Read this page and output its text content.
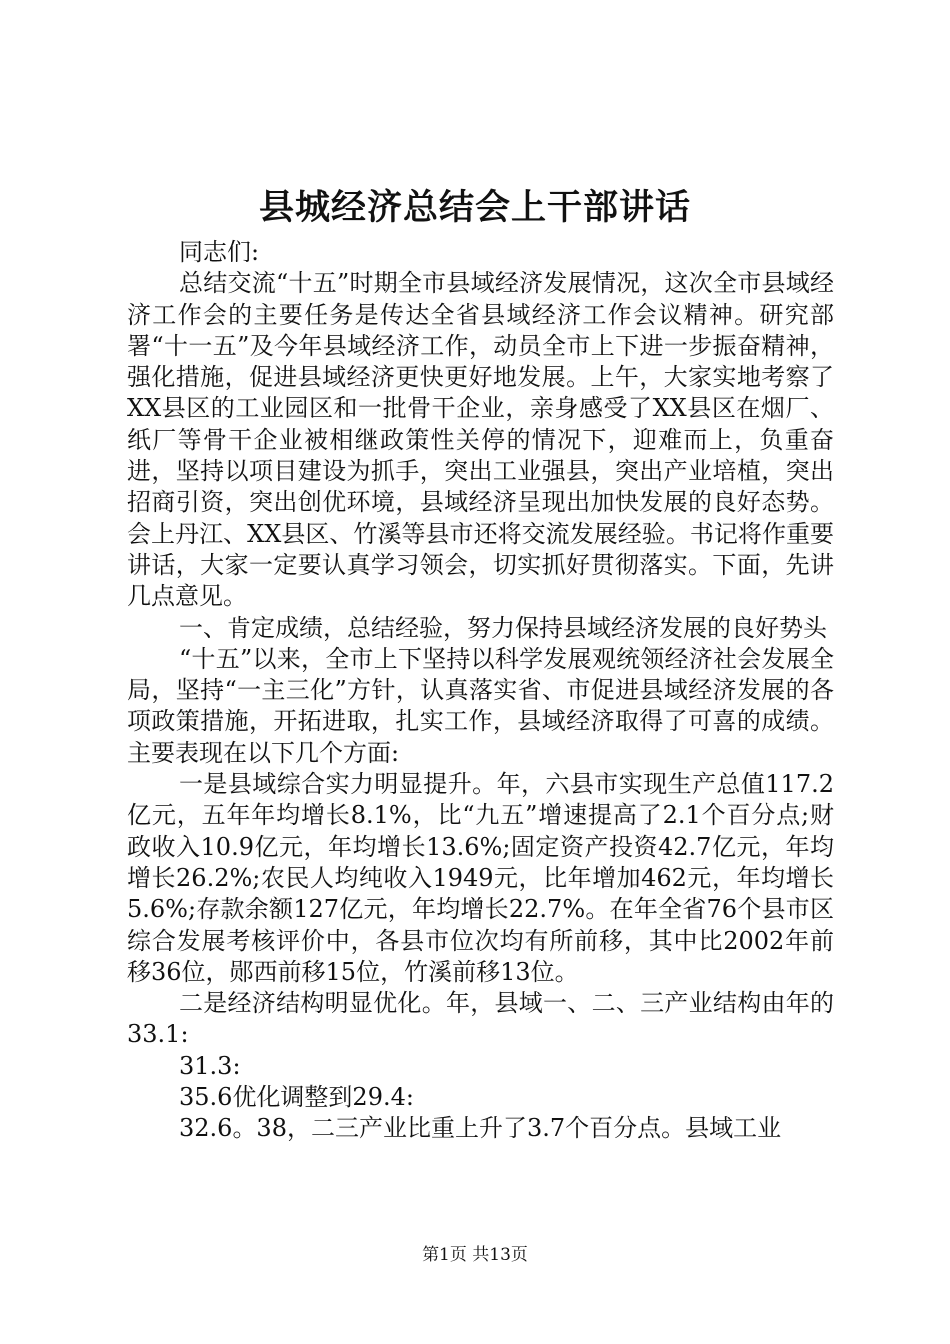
县城经济总结会上干部讲话

同志们:

总结交流“十五”时期全市县域经济发展情况，这次全市县域经济工作会的主要任务是传达全省县域经济工作会议精神。研究部署“十一五”及今年县域经济工作，动员全市上下进一步振奋精神，强化措施，促进县域经济更快更好地发展。上午，大家实地考察了XX县区的工业园区和一批骨干企业，亲身感受了XX县区在烟厂、纸厂等骨干企业被相继政策性关停的情况下，迎难而上，负重奋进，坚持以项目建设为抓手，突出工业强县，突出产业培植，突出招商引资，突出创优环境，县域经济呈现出加快发展的良好态势。会上丹江、XX县区、竹溪等县市还将交流发展经验。书记将作重要讲话，大家一定要认真学习领会，切实抓好贯彻落实。下面，先讲几点意见。

一、肯定成绩，总结经验，努力保持县域经济发展的良好势头

“十五”以来，全市上下坚持以科学发展观统领经济社会发展全局，坚持“一主三化”方针，认真落实省、市促进县域经济发展的各项政策措施，开拓进取，扎实工作，县域经济取得了可喜的成绩。主要表现在以下几个方面:

一是县域综合实力明显提升。年，六县市实现生产总值117.2亿元，五年年均增长8.1%，比“九五”增速提高了2.1个百分点;财政收入10.9亿元，年均增长13.6%;固定资产投资42.7亿元，年均增长26.2%;农民人均纯收入1949元，比年增加462元，年均增长5.6%;存款余额127亿元，年均增长22.7%。在年全省76个县市区综合发展考核评价中，各县市位次均有所前移，其中比2002年前移36位，郧西前移15位，竹溪前移13位。

二是经济结构明显优化。年，县域一、二、三产业结构由年的33.1:

31.3:

35.6优化调整到29.4:

32.6。38，二三产业比重上升了3.7个百分点。县域工业

第1页 共13页
